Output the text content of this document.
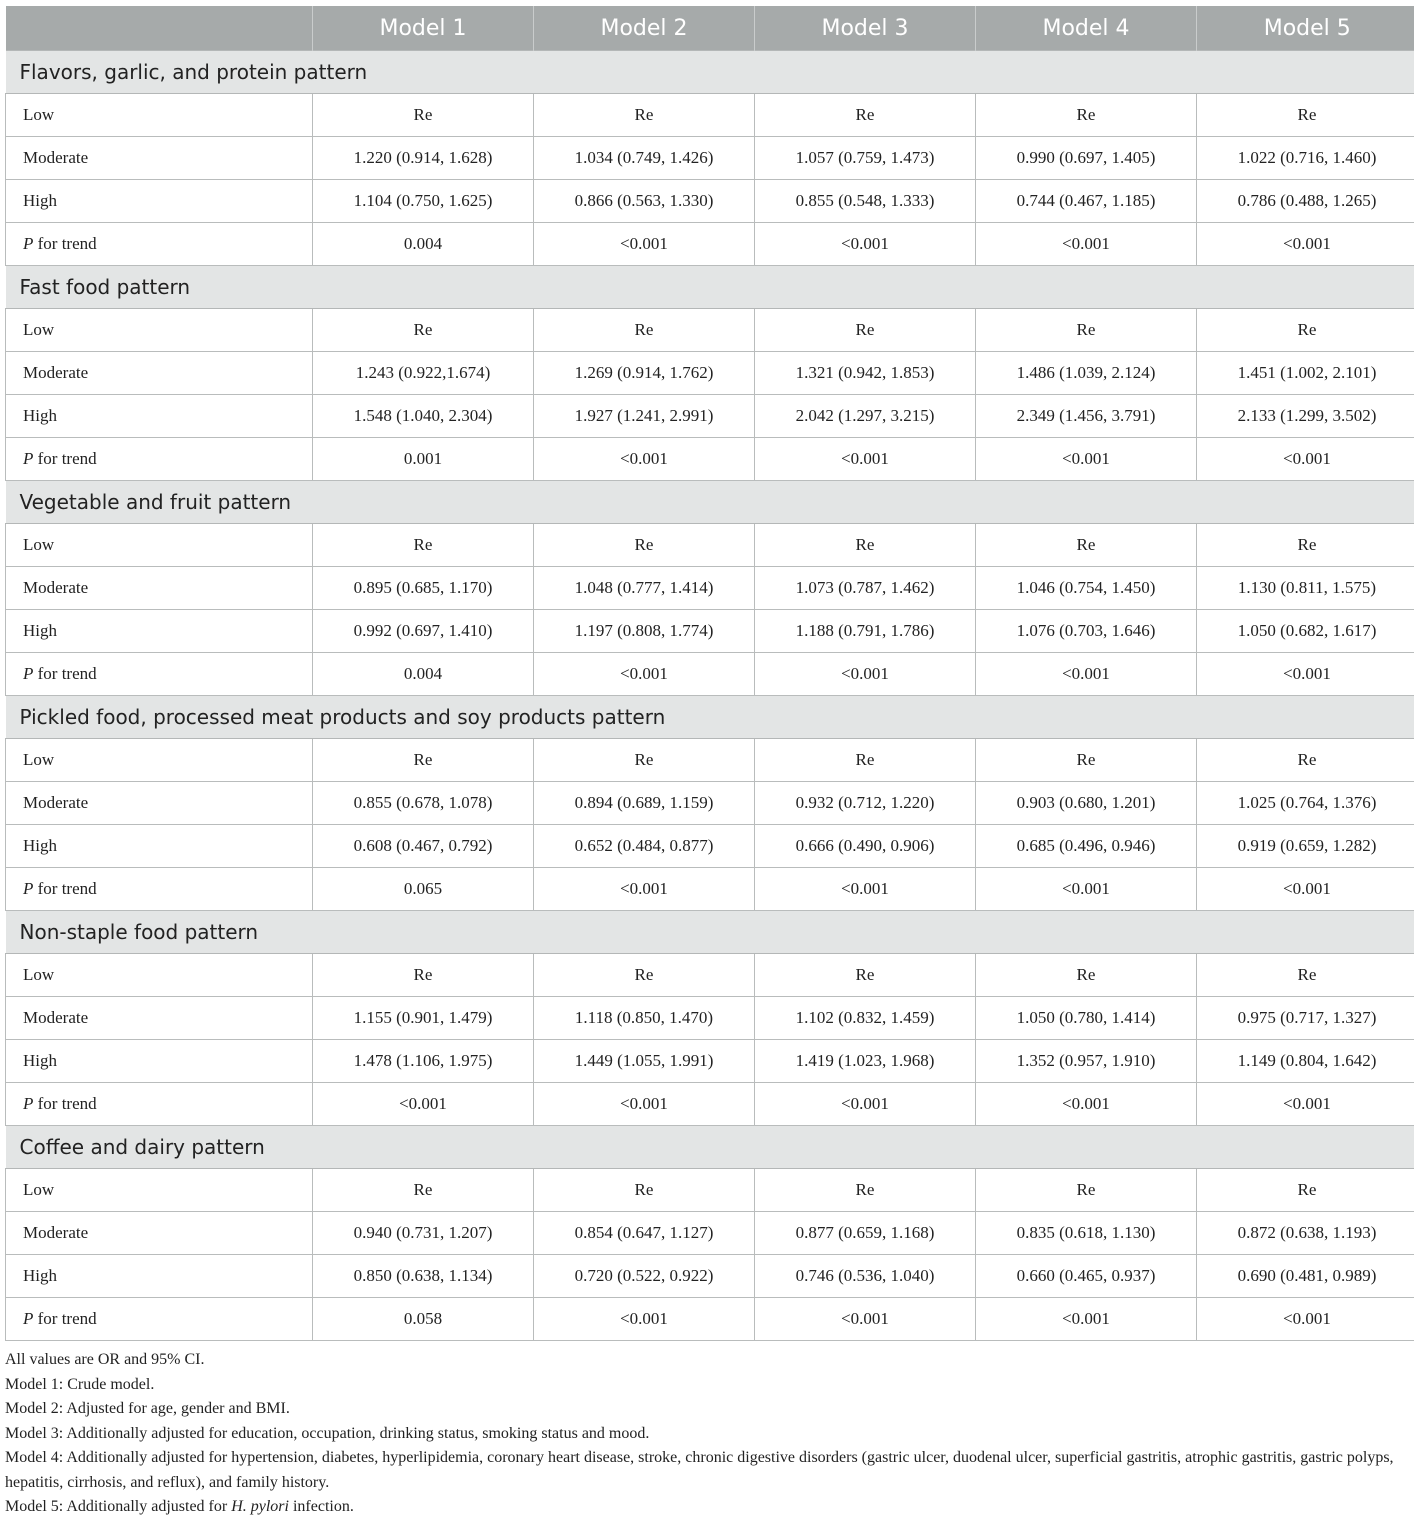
	Model 1	Model 2	Model 3	Model 4	Model 5
Flavors, garlic, and protein pattern					
Low	Re	Re	Re	Re	Re
Moderate	1.220 (0.914, 1.628)	1.034 (0.749, 1.426)	1.057 (0.759, 1.473)	0.990 (0.697, 1.405)	1.022 (0.716, 1.460)
High	1.104 (0.750, 1.625)	0.866 (0.563, 1.330)	0.855 (0.548, 1.333)	0.744 (0.467, 1.185)	0.786 (0.488, 1.265)
P for trend	0.004	<0.001	<0.001	<0.001	<0.001
Fast food pattern					
Low	Re	Re	Re	Re	Re
Moderate	1.243 (0.922,1.674)	1.269 (0.914, 1.762)	1.321 (0.942, 1.853)	1.486 (1.039, 2.124)	1.451 (1.002, 2.101)
High	1.548 (1.040, 2.304)	1.927 (1.241, 2.991)	2.042 (1.297, 3.215)	2.349 (1.456, 3.791)	2.133 (1.299, 3.502)
P for trend	0.001	<0.001	<0.001	<0.001	<0.001
Vegetable and fruit pattern					
Low	Re	Re	Re	Re	Re
Moderate	0.895 (0.685, 1.170)	1.048 (0.777, 1.414)	1.073 (0.787, 1.462)	1.046 (0.754, 1.450)	1.130 (0.811, 1.575)
High	0.992 (0.697, 1.410)	1.197 (0.808, 1.774)	1.188 (0.791, 1.786)	1.076 (0.703, 1.646)	1.050 (0.682, 1.617)
P for trend	0.004	<0.001	<0.001	<0.001	<0.001
Pickled food, processed meat products and soy products pattern					
Low	Re	Re	Re	Re	Re
Moderate	0.855 (0.678, 1.078)	0.894 (0.689, 1.159)	0.932 (0.712, 1.220)	0.903 (0.680, 1.201)	1.025 (0.764, 1.376)
High	0.608 (0.467, 0.792)	0.652 (0.484, 0.877)	0.666 (0.490, 0.906)	0.685 (0.496, 0.946)	0.919 (0.659, 1.282)
P for trend	0.065	<0.001	<0.001	<0.001	<0.001
Non-staple food pattern					
Low	Re	Re	Re	Re	Re
Moderate	1.155 (0.901, 1.479)	1.118 (0.850, 1.470)	1.102 (0.832, 1.459)	1.050 (0.780, 1.414)	0.975 (0.717, 1.327)
High	1.478 (1.106, 1.975)	1.449 (1.055, 1.991)	1.419 (1.023, 1.968)	1.352 (0.957, 1.910)	1.149 (0.804, 1.642)
P for trend	<0.001	<0.001	<0.001	<0.001	<0.001
Coffee and dairy pattern					
Low	Re	Re	Re	Re	Re
Moderate	0.940 (0.731, 1.207)	0.854 (0.647, 1.127)	0.877 (0.659, 1.168)	0.835 (0.618, 1.130)	0.872 (0.638, 1.193)
High	0.850 (0.638, 1.134)	0.720 (0.522, 0.922)	0.746 (0.536, 1.040)	0.660 (0.465, 0.937)	0.690 (0.481, 0.989)
P for trend	0.058	<0.001	<0.001	<0.001	<0.001
All values are OR and 95% CI.
Model 1: Crude model.
Model 2: Adjusted for age, gender and BMI.
Model 3: Additionally adjusted for education, occupation, drinking status, smoking status and mood.
Model 4: Additionally adjusted for hypertension, diabetes, hyperlipidemia, coronary heart disease, stroke, chronic digestive disorders (gastric ulcer, duodenal ulcer, superficial gastritis, atrophic gastritis, gastric polyps, hepatitis, cirrhosis, and reflux), and family history.
Model 5: Additionally adjusted for H. pylori infection.
